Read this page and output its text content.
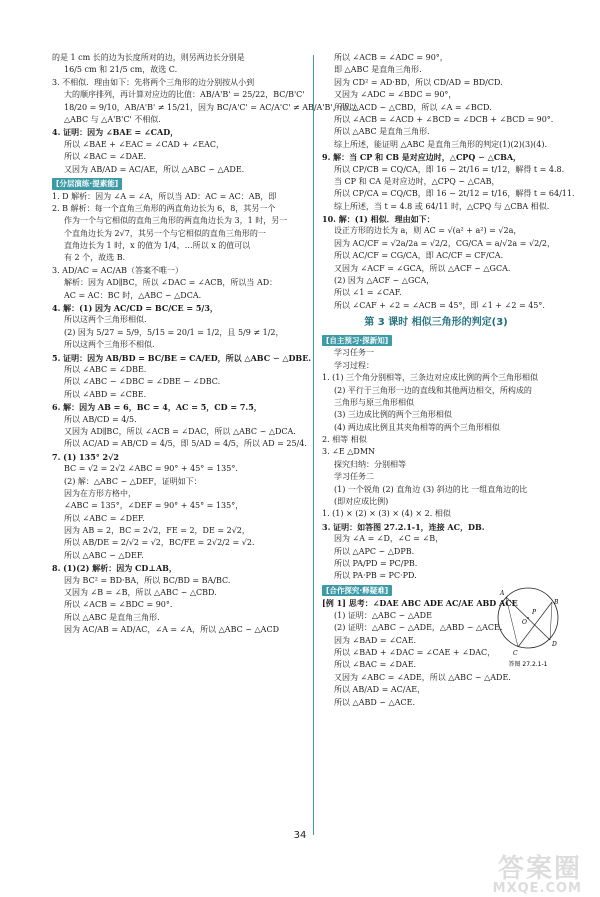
的是 1 cm 长的边为长度所对的边，则另两边长分别是
16/5 cm 和 21/5 cm，故选 C.
3. 不相似．理由如下：先将两个三角形的边分别按从小到
大的顺序排列，再计算对应边的比值：AB/A'B' = 25/22，BC/B'C'
18/20 = 9/10，AB/A'B' ≠ 15/21，因为 BC/A'C' = AC/A'C' ≠ AB/A'B'，所以
△ABC 与 △A'B'C' 不相似.
4. 证明：因为 ∠BAE = ∠CAD，
所以 ∠BAE + ∠EAC = ∠CAD + ∠EAC，
所以 ∠BAC = ∠DAE.
又因为 AB/AD = AC/AE，所以 △ABC ∽ △ADE.
[分层演练·提素能]
1. D 解析：因为 ∠A = ∠A，所以当 AD：AC = AC：AB，即
2. B 解析：每一个直角三角形的两直角边长为 6，8，其另一个
作为一个与它相似的直角三角形的两直角边长为 3，1 时，另一
个直角边长为 2√7，其另一个与它相似的直角三角形的一
直角边长为 1 时，x 的值为 1/4，…所以 x 的值可以
有 2 个，故选 B.
3. AD/AC = AC/AB（答案不唯一）
解析：因为 AD∥BC，所以 ∠DAC = ∠ACB，所以当 AD：
AC = AC：BC 时，△ABC ∽ △DCA.
4. 解：(1) 因为 AC/CD = BC/CE = 5/3，
所以这两个三角形相似.
(2) 因为 5/27 = 5/9，5/15 = 20/1 = 1/2，且 5/9 ≠ 1/2，
所以这两个三角形不相似.
5. 证明：因为 AB/BD = BC/BE = CA/ED，所以 △ABC ∽ △DBE.
所以 ∠ABC = ∠DBE.
所以 ∠ABC − ∠DBC = ∠DBE − ∠DBC.
所以 ∠ABD = ∠CBE.
6. 解：因为 AB = 6，BC = 4，AC = 5，CD = 7.5，
所以 AB/CD = 4/5.
又因为 AD∥BC，所以 ∠ACB = ∠DAC，所以 △ABC ∽ △DCA.
所以 AC/AD = AB/CD = 4/5，即 5/AD = 4/5，所以 AD = 25/4.
7. (1) 135° 2√2
BC = √2 = 2√2 ∠ABC = 90° + 45° = 135°.
(2) 解：△ABC ∽ △DEF，证明如下：
因为在方形方格中，
∠ABC = 135°，∠DEF = 90° + 45° = 135°，
所以 ∠ABC = ∠DEF.
因为 AB = 2，BC = 2√2，FE = 2，DE = 2√2，
所以 AB/DE = 2/√2 = √2，BC/FE = 2√2/2 = √2.
所以 △ABC ∽ △DEF.
8. (1)(2) 解析：因为 CD⊥AB，
因为 BC² = BD·BA，所以 BC/BD = BA/BC.
又因为 ∠B = ∠B，所以 △ABC ∽ △CBD.
所以 ∠ACB = ∠BDC = 90°.
所以 △ABC 是直角三角形.
因为 AC/AB = AD/AC，∠A = ∠A，所以 △ABC ∽ △ACD
所以 ∠ACB = ∠ADC = 90°，
即 △ABC 是直角三角形.
因为 CD² = AD·BD，所以 CD/AD = BD/CD.
又因为 ∠ADC = ∠BDC = 90°，
所以 △ACD ∽ △CBD，所以 ∠A = ∠BCD.
所以 ∠ACB = ∠ACD + ∠BCD = ∠DCB + ∠BCD = 90°.
所以 △ABC 是直角三角形.
综上所述，能证明 △ABC 是直角三角形的判定(1)(2)(3)(4).
9. 解：当 CP 和 CB 是对应边时，△CPQ ∽ △CBA，
所以 CP/CB = CQ/CA，即 16 − 2t/16 = t/12，解得 t = 4.8.
当 CP 和 CA 是对应边时，△CPQ ∽ △CAB，
所以 CP/CA = CQ/CB，即 16 − 2t/12 = t/16，解得 t = 64/11.
综上所述，当 t = 4.8 或 64/11 时，△CPQ 与 △CBA 相似.
10. 解：(1) 相似．理由如下：
设正方形的边长为 a，则 AC = √(a² + a²) = √2a，
因为 AC/CF = √2a/2a = √2/2，CG/CA = a/√2a = √2/2，
所以 AC/CF = CG/CA，即 AC/CF = CF/CA.
又因为 ∠ACF = ∠GCA，所以 △ACF ∽ △GCA.
(2) 因为 △ACF ∽ △GCA，
所以 ∠1 = ∠CAF.
所以 ∠CAF + ∠2 = ∠ACB = 45°，即 ∠1 + ∠2 = 45°.
第 3 课时 相似三角形的判定(3)
[自主预习·探新知]
学习任务一
学习过程：
1. (1) 三个角分别相等，三条边对应成比例的两个三角形相似
(2) 平行于三角形一边的直线和其他两边相交，所构成的
三角形与原三角形相似
(3) 三边成比例的两个三角形相似
(4) 两边成比例且其夹角相等的两个三角形相似
2. 相等 相似
3. ∠E △DMN
探究归纳：分别相等
学习任务二
(1) 一个锐角 (2) 直角边 (3) 斜边的比 一组直角边的比
(即对应成比例)
1. (1) × (2) × (3) × (4) × 2. 相似
3. 证明：如答图 27.2.1-1，连接 AC，DB.
因为 ∠A = ∠D，∠C = ∠B，
所以 △APC ∽ △DPB.
所以 PA/PD = PC/PB.
所以 PA·PB = PC·PD.
[合作探究·释疑难]
[例 1] 思考：∠DAE ABC ADE AC/AE ABD ACE
(1) 证明：△ABC ∽ △ADE
(2) 证明：△ABC ∽ △ADE，△ABD ∽ △ACE.
因为 ∠BAD = ∠CAE.
所以 ∠BAD + ∠DAC = ∠CAE + ∠DAC，
所以 ∠BAC = ∠DAE.
又因为 ∠ABC = ∠ADE，所以 △ABC ∽ △ADE.
所以 AB/AD = AC/AE，
所以 △ABD ∽ △ACE.
A
B
C
D
O
P
答图 27.2.1-1
34
答案圈
MXQE.COM
